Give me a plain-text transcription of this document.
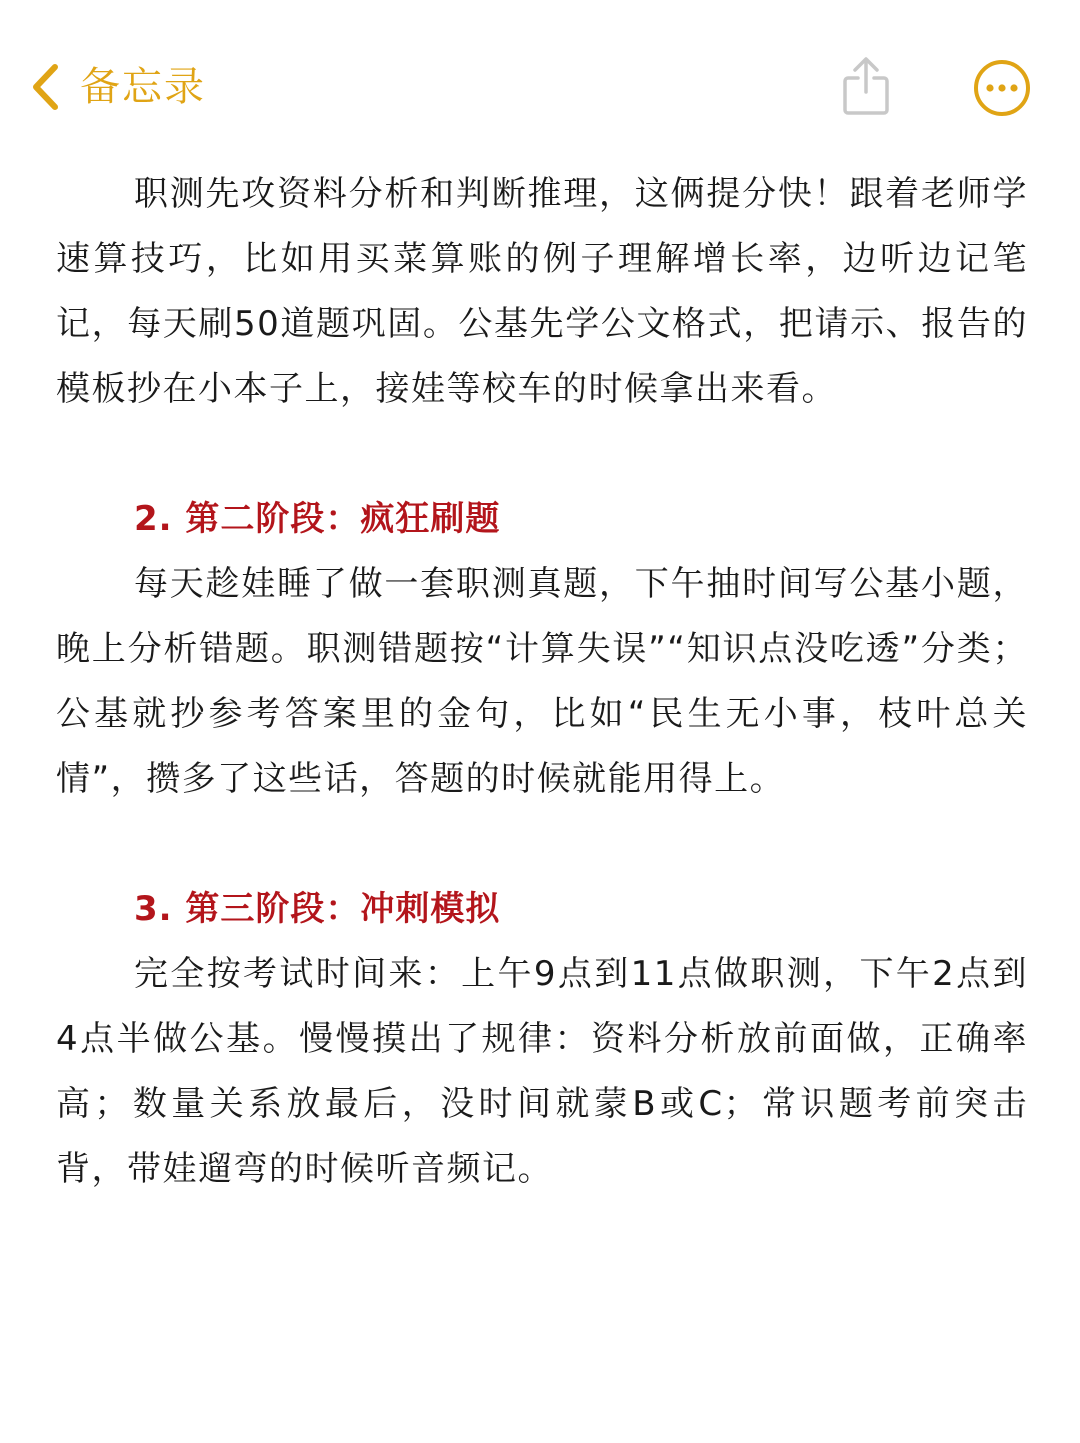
备忘录

职测先攻资料分析和判断推理，这俩提分快！跟着老师学速算技巧，比如用买菜算账的例子理解增长率，边听边记笔记，每天刷50道题巩固。公基先学公文格式，把请示、报告的模板抄在小本子上，接娃等校车的时候拿出来看。

2. 第二阶段：疯狂刷题

每天趁娃睡了做一套职测真题，下午抽时间写公基小题，晚上分析错题。职测错题按“计算失误”“知识点没吃透”分类；公基就抄参考答案里的金句，比如“民生无小事，枝叶总关情”，攒多了这些话，答题的时候就能用得上。

3. 第三阶段：冲刺模拟

完全按考试时间来：上午9点到11点做职测，下午2点到4点半做公基。慢慢摸出了规律：资料分析放前面做，正确率高；数量关系放最后，没时间就蒙B或C；常识题考前突击背，带娃遛弯的时候听音频记。
